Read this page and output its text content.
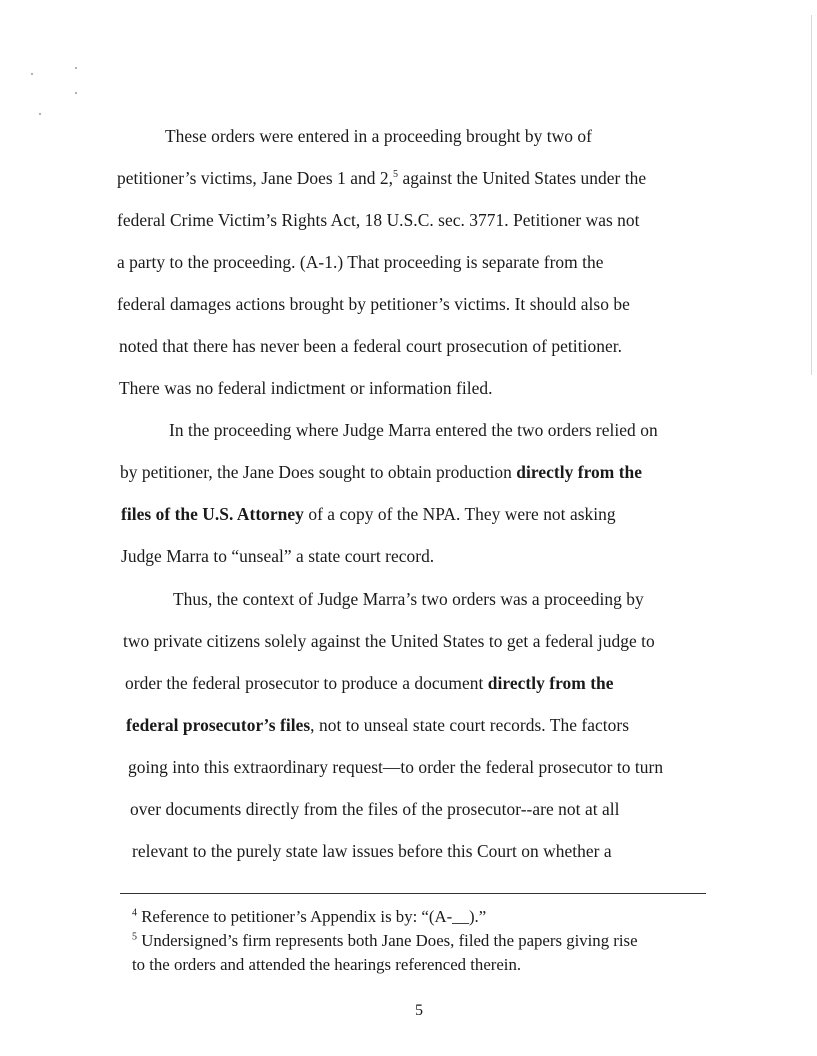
These orders were entered in a proceeding brought by two of
petitioner’s victims, Jane Does 1 and 2,$^5$ against the United States under the
federal Crime Victim’s Rights Act, 18 U.S.C. sec. 3771. Petitioner was not
a party to the proceeding. (A-1.) That proceeding is separate from the
federal damages actions brought by petitioner’s victims. It should also be
noted that there has never been a federal court prosecution of petitioner.
There was no federal indictment or information filed.
In the proceeding where Judge Marra entered the two orders relied on
by petitioner, the Jane Does sought to obtain production directly from the
files of the U.S. Attorney of a copy of the NPA. They were not asking
Judge Marra to “unseal” a state court record.
Thus, the context of Judge Marra’s two orders was a proceeding by
two private citizens solely against the United States to get a federal judge to
order the federal prosecutor to produce a document directly from the
federal prosecutor’s files, not to unseal state court records. The factors
going into this extraordinary request—to order the federal prosecutor to turn
over documents directly from the files of the prosecutor--are not at all
relevant to the purely state law issues before this Court on whether a
$^4$ Reference to petitioner’s Appendix is by: “(A-__).”
$^5$ Undersigned’s firm represents both Jane Does, filed the papers giving rise
to the orders and attended the hearings referenced therein.
5
